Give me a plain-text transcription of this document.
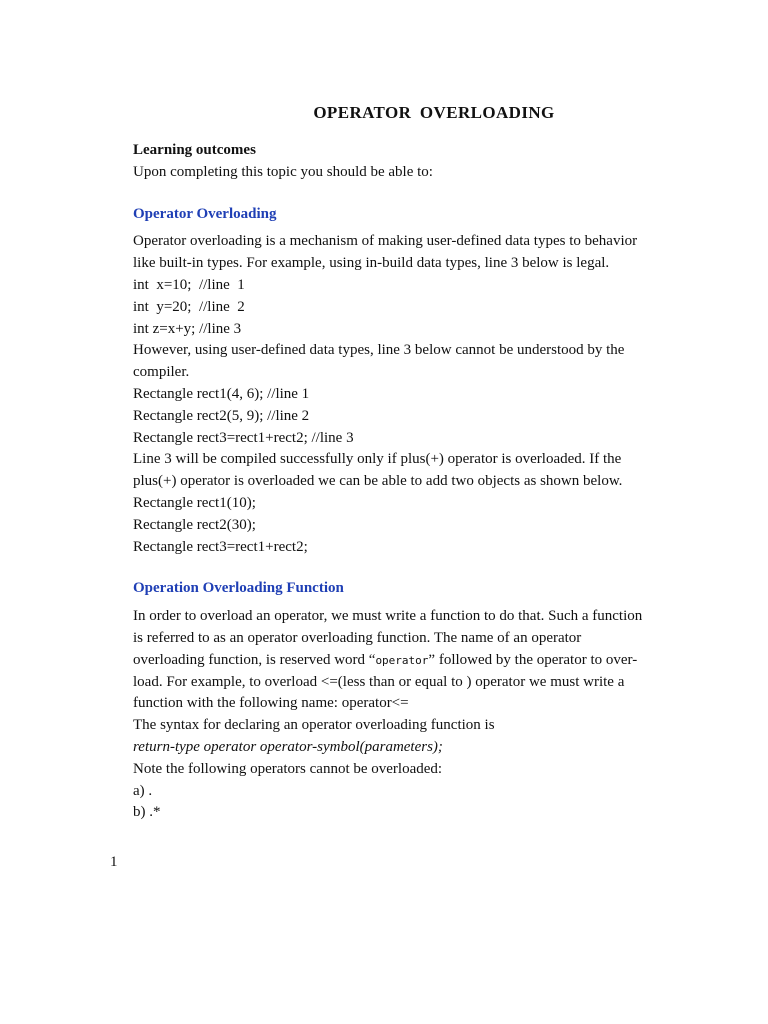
OPERATOR OVERLOADING
Learning outcomes
Upon completing this topic you should be able to:
Operator Overloading
Operator overloading is a mechanism of making user-defined data types to behavior
like built-in types. For example, using in-build data types, line 3 below is legal.
int  x=10;  //line  1
int  y=20;  //line  2
int z=x+y; //line 3
However, using user-defined data types, line 3 below cannot be understood by the
compiler.
Rectangle rect1(4, 6); //line 1
Rectangle rect2(5, 9); //line 2
Rectangle rect3=rect1+rect2; //line 3
Line 3 will be compiled successfully only if plus(+) operator is overloaded. If the
plus(+) operator is overloaded we can be able to add two objects as shown below.
Rectangle rect1(10);
Rectangle rect2(30);
Rectangle rect3=rect1+rect2;
Operation Overloading Function
In order to overload an operator, we must write a function to do that. Such a function
is referred to as an operator overloading function. The name of an operator
overloading function, is reserved word “operator” followed by the operator to over-
load. For example, to overload <=(less than or equal to ) operator we must write a
function with the following name: operator<=
The syntax for declaring an operator overloading function is
return-type operator operator-symbol(parameters);
Note the following operators cannot be overloaded:
a) .
b) .*
1
